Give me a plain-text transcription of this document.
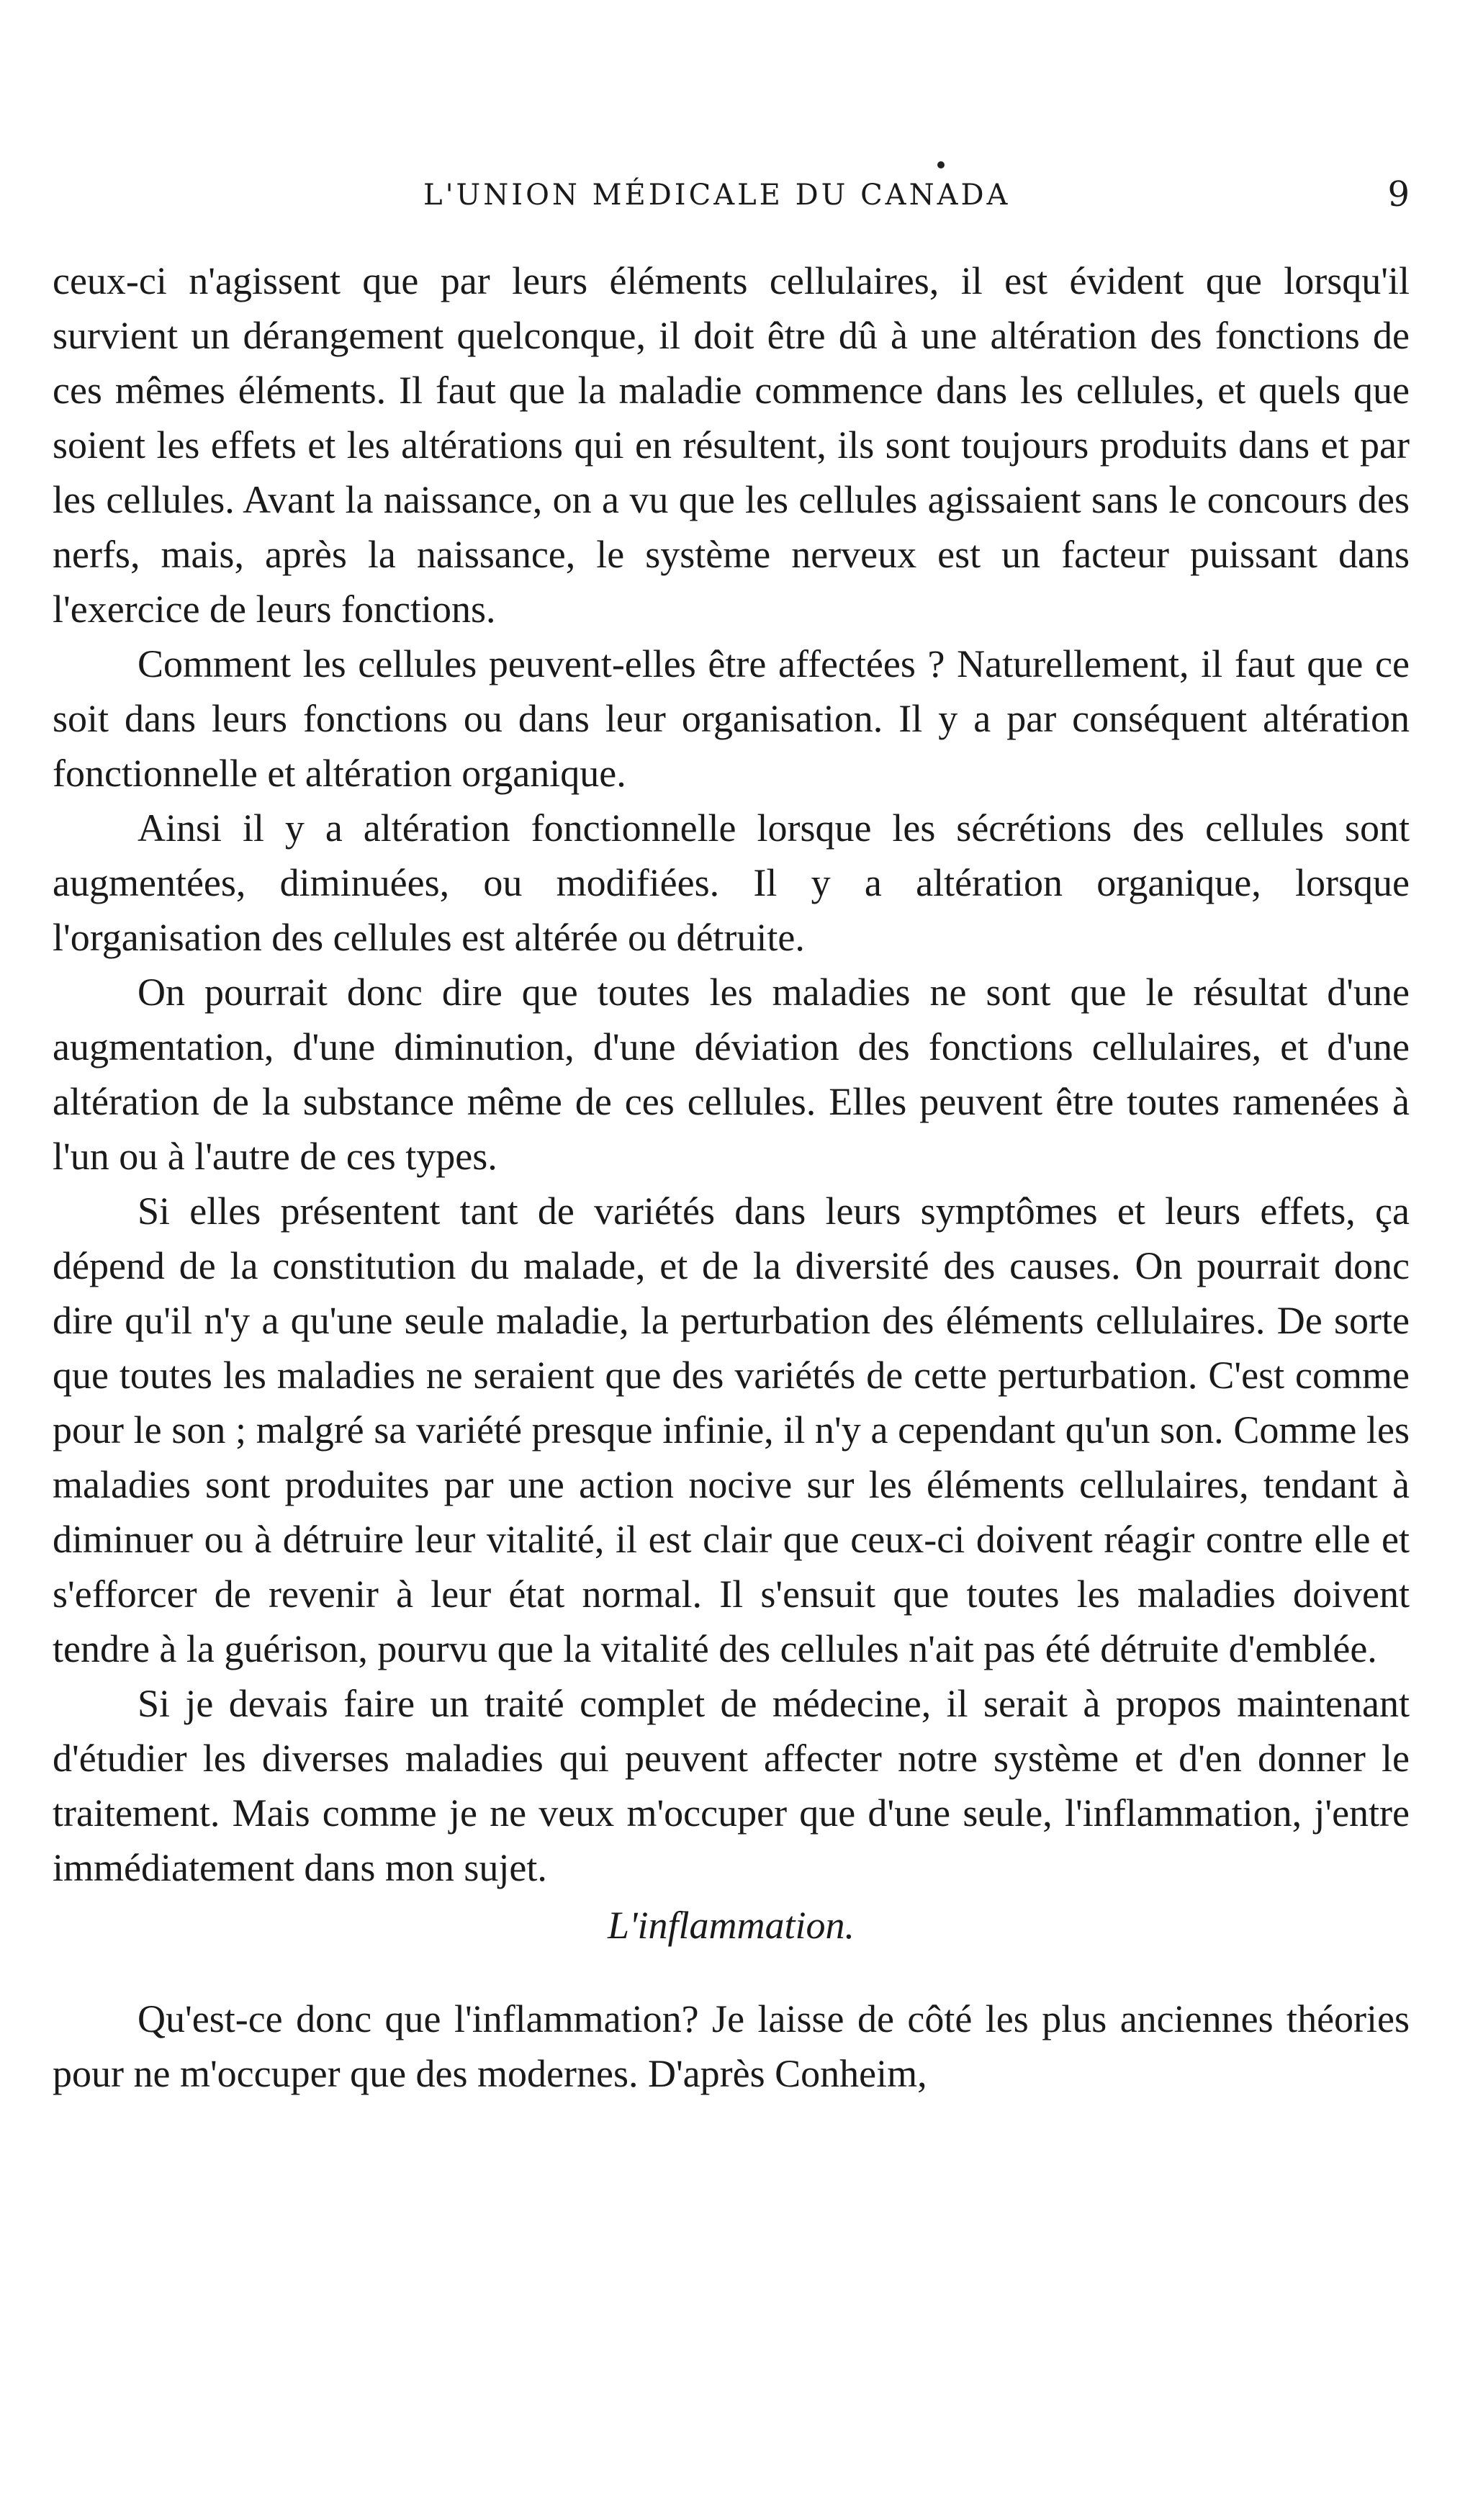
L'UNION MÉDICALE DU CANADA	9

ceux-ci n'agissent que par leurs éléments cellulaires, il est évident que lorsqu'il survient un dérangement quelconque, il doit être dû à une altération des fonctions de ces mêmes éléments. Il faut que la maladie commence dans les cellules, et quels que soient les effets et les altérations qui en résultent, ils sont toujours produits dans et par les cellules. Avant la naissance, on a vu que les cellules agissaient sans le concours des nerfs, mais, après la naissance, le système nerveux est un facteur puissant dans l'exercice de leurs fonctions.

Comment les cellules peuvent-elles être affectées ? Naturellement, il faut que ce soit dans leurs fonctions ou dans leur organisation. Il y a par conséquent altération fonctionnelle et altération organique.

Ainsi il y a altération fonctionnelle lorsque les sécrétions des cellules sont augmentées, diminuées, ou modifiées. Il y a altération organique, lorsque l'organisation des cellules est altérée ou détruite.

On pourrait donc dire que toutes les maladies ne sont que le résultat d'une augmentation, d'une diminution, d'une déviation des fonctions cellulaires, et d'une altération de la substance même de ces cellules. Elles peuvent être toutes ramenées à l'un ou à l'autre de ces types.

Si elles présentent tant de variétés dans leurs symptômes et leurs effets, ça dépend de la constitution du malade, et de la diversité des causes. On pourrait donc dire qu'il n'y a qu'une seule maladie, la perturbation des éléments cellulaires. De sorte que toutes les maladies ne seraient que des variétés de cette perturbation. C'est comme pour le son ; malgré sa variété presque infinie, il n'y a cependant qu'un son. Comme les maladies sont produites par une action nocive sur les éléments cellulaires, tendant à diminuer ou à détruire leur vitalité, il est clair que ceux-ci doivent réagir contre elle et s'efforcer de revenir à leur état normal. Il s'ensuit que toutes les maladies doivent tendre à la guérison, pourvu que la vitalité des cellules n'ait pas été détruite d'emblée.

Si je devais faire un traité complet de médecine, il serait à propos maintenant d'étudier les diverses maladies qui peuvent affecter notre système et d'en donner le traitement. Mais comme je ne veux m'occuper que d'une seule, l'inflammation, j'entre immédiatement dans mon sujet.

L'inflammation.

Qu'est-ce donc que l'inflammation? Je laisse de côté les plus anciennes théories pour ne m'occuper que des modernes. D'après Conheim,
